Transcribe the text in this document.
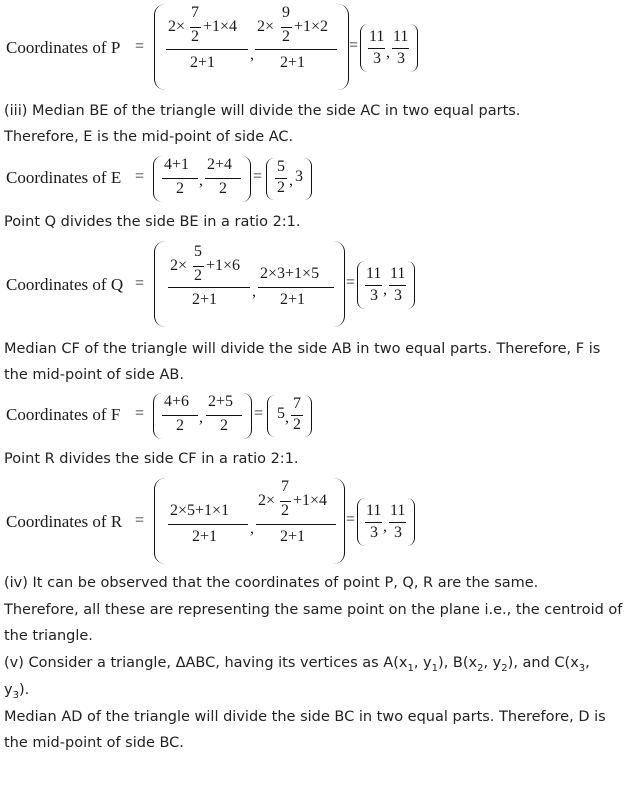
Coordinates of P =
2×
7
2
+1×4
2+1 ,
2×
9
2
+1×2
2+1
=
11
3 ,
11
3
(iii) Median BE of the triangle will divide the side AC in two equal parts.
Therefore, E is the mid-point of side AC.
Coordinates of E =
4+1
2 ,
2+4
2
=
5
2 , 3
Point Q divides the side BE in a ratio 2:1.
Coordinates of Q =
2×
5
2
+1×6
2+1 ,
2×3+1×5
2+1
=
11
3 ,
11
3
Median CF of the triangle will divide the side AB in two equal parts. Therefore, F is
the mid-point of side AB.
Coordinates of F =
4+6
2 ,
2+5
2
= 5 ,
7
2
Point R divides the side CF in a ratio 2:1.
Coordinates of R =
2×5+1×1
2+1 ,
2×
7
2
+1×4
2+1
=
11
3 ,
11
3
(iv) It can be observed that the coordinates of point P, Q, R are the same.
Therefore, all these are representing the same point on the plane i.e., the centroid of
the triangle.
(v) Consider a triangle, ΔABC, having its vertices as $A(x_1$, $y_1$), $B(x_2$, $y_2$), and $C(x_3$,
$y_3$).
Median AD of the triangle will divide the side BC in two equal parts. Therefore, D is
the mid-point of side BC.
